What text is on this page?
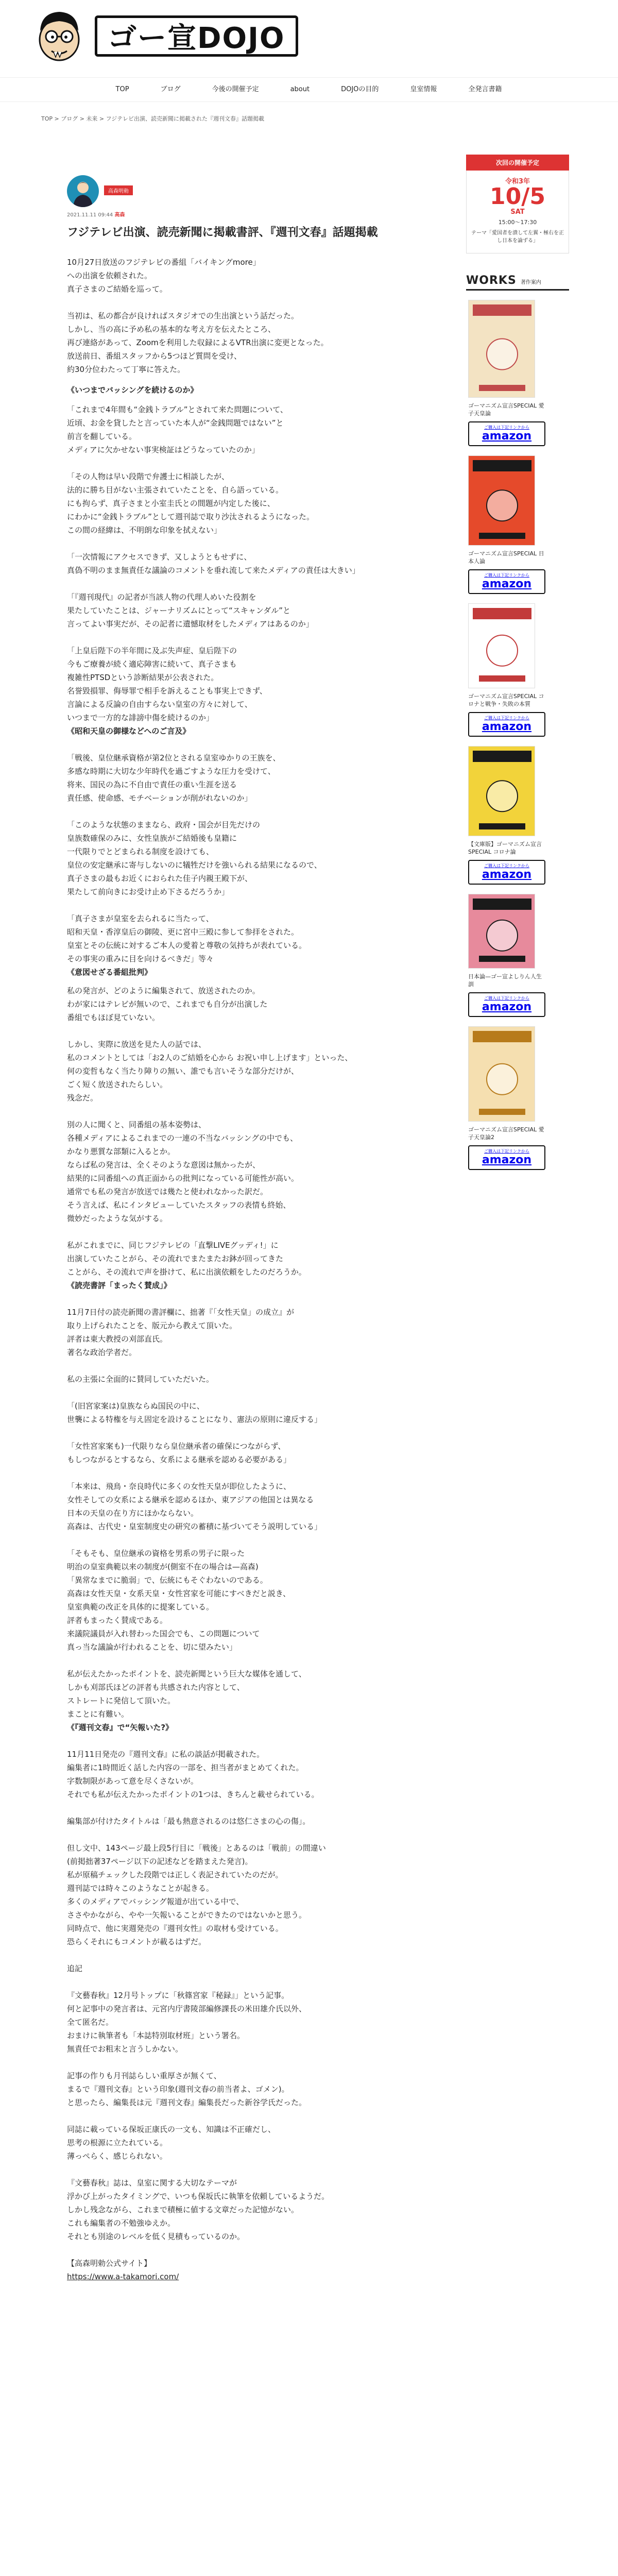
ゴー宣DOJO
TOP	ブログ	今後の開催予定	about	DOJOの目的	皇室情報	全発言書籍
TOP > ブログ > 未来 > フジテレビ出演、読売新聞に掲載された『週刊文春』話題掲載
高森明勅
2021.11.11 09:44 高森
フジテレビ出演、読売新聞に掲載書評、『週刊文春』話題掲載

10月27日放送のフジテレビの番組「バイキングmore」
への出演を依頼された。
真子さまのご結婚を巡って。

当初は、私の都合が良ければスタジオでの生出演という話だった。
しかし、当の高に予め私の基本的な考え方を伝えたところ、
再び連絡があって、Zoomを利用した収録によるVTR出演に変更となった。
放送前日、番組スタッフから5つほど質問を受け、
約30分位わたって丁寧に答えた。

《いつまでバッシングを続けるのか》

「これまで4年間も“金銭トラブル”とされて来た問題について、
近頃、お金を貸したと言っていた本人が“金銭問題ではない”と
前言を翻している。
メディアに欠かせない事実検証はどうなっていたのか」

「その人物は早い段階で弁護士に相談したが、
法的に勝ち目がない主張されていたことを、自ら語っている。
にも拘らず、真子さまと小室圭氏との間題が内定した後に、
にわかに“金銭トラブル”として週刊誌で取り沙汰されるようになった。
この間の経緯は、不明朗な印象を拭えない」

「一次情報にアクセスできず、又しようともせずに、
真偽不明のまま無責任な議論のコメントを垂れ流して来たメディアの責任は大きい」

「『週刊現代』の記者が当該人物の代理人めいた役割を
果たしていたことは、ジャーナリズムにとって“スキャンダル”と
言ってよい事実だが、その記者に遺憾取材をしたメディアはあるのか」

「上皇后陛下の半年間に及ぶ失声症、皇后陛下の
今もご療養が続く適応障害に続いて、真子さまも
複雑性PTSDという診断結果が公表された。
名誉毀損罪、侮辱罪で相手を訴えることも事実上できず、
言論による反論の自由すらない皇室の方々に対して、
いつまで一方的な誹謗中傷を続けるのか」

《昭和天皇の御様などへのご言及》

「戦後、皇位継承資格が第2位とされる皇室ゆかりの王族を、
多感な時期に大切な少年時代を過ごすような圧力を受けて、
将来、国民の為に不自由で責任の重い生涯を送る
責任感、使命感、モチベーションが削がれないのか」

「このような状態のままなら、政府・国会が目先だけの
皇族数確保のみに、女性皇族がご結婚後も皇籍に
一代限りでとどまられる制度を設けても、
皇位の安定継承に寄与しないのに犠牲だけを強いられる結果になるので、
真子さまの最もお近くにおられた佳子内親王殿下が、
果たして前向きにお受け止め下さるだろうか」

「真子さまが皇室を去られるに当たって、
昭和天皇・香淳皇后の御陵、更に宮中三殿に参して参拝をされた。
皇室とその伝統に対するご本人の愛着と尊敬の気持ちが表れている。
その事実の重みに目を向けるべきだ」等々

《意図せざる番組批判》

私の発言が、どのように編集されて、放送されたのか。
わが家にはテレビが無いので、これまでも自分が出演した
番組でもほぼ見ていない。

しかし、実際に放送を見た人の話では、
私のコメントとしては「お2人のご結婚を心から お祝い申し上げます」といった、
何の変哲もなく当たり障りの無い、誰でも言いそうな部分だけが、
ごく短く放送されたらしい。
残念だ。

別の人に聞くと、同番組の基本姿勢は、
各種メディアによるこれまでの一連の不当なバッシングの中でも、
かなり悪質な部類に入るとか。
ならば私の発言は、全くそのような意図は無かったが、
結果的に同番組への真正面からの批判になっている可能性が高い。
通常でも私の発言が放送では幾たと使われなかった訳だ。
そう言えば、私にインタビューしていたスタッフの表情も終始、
微妙だったような気がする。

私がこれまでに、同じフジテレビの「直撃LIVEグッディ!」に
出演していたことがら、その流れでまたまたお鉢が回ってきた
ことがら、その流れで声を掛けて、私に出演依頼をしたのだろうか。

《読売書評「まったく賛成」》

11月7日付の読売新聞の書評欄に、拙著『「女性天皇」の成立』が
取り上げられたことを、版元から教えて頂いた。
評者は東大教授の刈部直氏。
著名な政治学者だ。

私の主張に全面的に賛同していただいた。

「(旧宮家案は)皇族ならぬ国民の中に、
世襲による特権を与え固定を設けることになり、憲法の原則に違反する」

「女性宮家案も)一代限りなら皇位継承者の確保につながらず、
もしつながるとするなら、女系による継承を認める必要がある」

「本来は、飛鳥・奈良時代に多くの女性天皇が即位したように、
女性そしての女系による継承を認めるほか、東アジアの他国とは異なる
日本の天皇の在り方にほかならない。
高森は、古代史・皇室制度史の研究の蓄積に基づいてそう説明している」

「そもそも、皇位継承の資格を男系の男子に限った
明治の皇室典範以来の制度が(側室不在の場合は—高森)
「異常なまでに脆弱」で、伝統にもそぐわないのである。
高森は女性天皇・女系天皇・女性宮家を可能にすべきだと説き、
皇室典範の改正を具体的に提案している。
評者もまったく賛成である。
来議院議員が入れ替わった国会でも、この問題について
真っ当な議論が行われることを、切に望みたい」

私が伝えたかったポイントを、読売新聞という巨大な媒体を通して、
しかも刈部氏ほどの評者も共感された内容として、
ストレートに発信して頂いた。
まことに有難い。

《『週刊文春』で“矢報いた?》

11月11日発売の『週刊文春』に私の談話が掲載された。
編集者に1時間近く話した内容の一部を、担当者がまとめてくれた。
字数制限があって意を尽くさないが。
それでも私が伝えたかったポイントの1つは、きちんと載せられている。

編集部が付けたタイトルは「最も熱意されるのは悠仁さまの心の傷」。

但し文中、143ページ最上段5行目に「戦後」とあるのは「戦前」の間違い
(前掲拙著37ページ以下の記述などを踏まえた発言)。
私が原稿チェックした段階では正しく表記されていたのだが。
週刊誌では時々このようなことが起きる。
多くのメディアでバッシング報道が出ている中で、
ささやかながら、やや一矢報いることができたのではないかと思う。
同時点で、他に実週発売の『週刊女性』の取材も受けている。
恐らくそれにもコメントが載るはずだ。

追記

『文藝春秋』12月号トップに「秋篠宮家『秘録』」という記事。
何と記事中の発言者は、元宮内庁書陵部編修課長の米田雄介氏以外、
全て匿名だ。
おまけに執筆者も「本誌特別取材班」という署名。
無責任でお粗末と言うしかない。

記事の作りも月刊誌らしい重厚さが無くて、
まるで『週刊文春』という印象(週刊文春の前当者よ、ゴメン)。
と思ったら、編集長は元『週刊文春』編集長だった新谷学氏だった。

同誌に載っている保坂正康氏の一文も、知識は不正確だし、
思考の根源に立たれている。
薄っぺらく、感じられない。

『文藝春秋』誌は、皇室に関する大切なテーマが
浮かび上がったタイミングで、いつも保坂氏に執筆を依頼しているようだ。
しかし残念ながら、これまで積極に値する文章だった記憶がない。
これも編集者の不勉強ゆえか。
それとも別途のレベルを低く見積もっているのか。

【高森明勅公式サイト】

https://www.a-takamori.com/

次回の開催予定
令和3年
10/5
SAT
15:00〜17:30
テーマ「愛国者を潰して左翼・極右を正し日本を論ずる」
WORKS 著作案内
ゴーマニズム宣言SPECIAL 愛子天皇論
ご購入は下記リンクから
amazon
ゴーマニズム宣言SPECIAL 日本人論
ご購入は下記リンクから
amazon
ゴーマニズム宣言SPECIAL コロナと戦争・失敗の本質
ご購入は下記リンクから
amazon
【文庫版】ゴーマニズム宣言SPECIAL コロナ論
ご購入は下記リンクから
amazon
日本論—ゴー宣よしりん人生訓
ご購入は下記リンクから
amazon
ゴーマニズム宣言SPECIAL 愛子天皇論2
ご購入は下記リンクから
amazon
